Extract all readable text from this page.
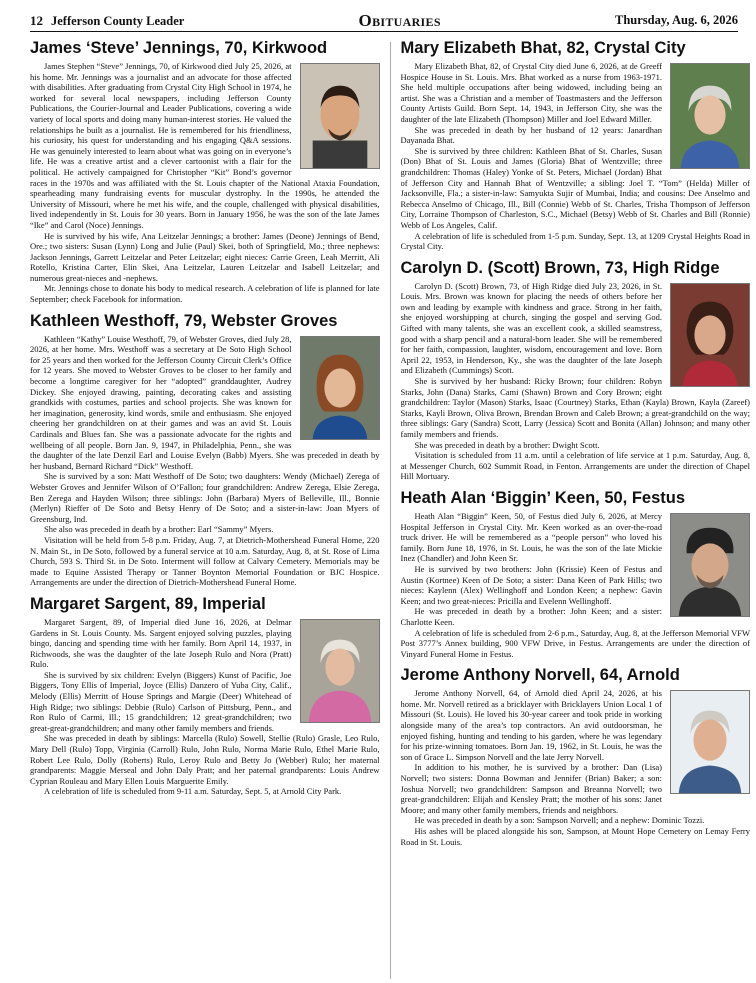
12 Jefferson County Leader	Obituaries	Thursday, Aug. 6, 2026
James ‘Steve’ Jennings, 70, Kirkwood

James Stephen “Steve” Jennings, 70, of Kirkwood died July 25, 2026, at his home. Mr. Jennings was a journalist and an advocate for those affected with disabilities. After graduating from Crystal City High School in 1974, he worked for several local newspapers, including Jefferson County Publications, the Courier-Journal and Leader Publications, covering a wide variety of local sports and doing many human-interest stories. He valued the relationships he built as a journalist. He is remembered for his friendliness, his curiosity, his quest for understanding and his engaging Q&A sessions. He was genuinely interested to learn about what was going on in everyone’s life. He was a creative artist and a clever cartoonist with a flair for the political. He actively campaigned for Christopher “Kit” Bond’s governor races in the 1970s and was affiliated with the St. Louis chapter of the National Ataxia Foundation, spearheading many fundraising events for muscular dystrophy. In the 1990s, he attended the University of Missouri, where he met his wife, and the couple, challenged with physical disabilities, lived independently in St. Louis for 30 years. Born in January 1956, he was the son of the late James “Ike” and Carol (Noce) Jennings.

He is survived by his wife, Ana Leitzelar Jennings; a brother: James (Deone) Jennings of Bend, Ore.; two sisters: Susan (Lynn) Long and Julie (Paul) Skei, both of Springfield, Mo.; three nephews: Jackson Jennings, Garrett Leitzelar and Peter Leitzelar; eight nieces: Carrie Green, Leah Merritt, Ali Rotello, Kristina Carter, Elin Skei, Ana Leitzelar, Lauren Leitzelar and Isabell Leitzelar; and numerous great-nieces and -nephews.

Mr. Jennings chose to donate his body to medical research. A celebration of life is planned for late September; check Facebook for information.

Kathleen Westhoff, 79, Webster Groves

Kathleen “Kathy” Louise Westhoff, 79, of Webster Groves, died July 28, 2026, at her home. Mrs. Westhoff was a secretary at De Soto High School for 25 years and then worked for the Jefferson County Circuit Clerk’s Office for 12 years. She moved to Webster Groves to be closer to her family and become a longtime caregiver for her “adopted” granddaughter, Audrey Dickey. She enjoyed drawing, painting, decorating cakes and assisting grandkids with costumes, parties and school projects. She was known for her imagination, generosity, kind words, smile and enthusiasm. She enjoyed cheering her grandchildren on at their games and was an avid St. Louis Cardinals and Blues fan. She was a passionate advocate for the rights and wellbeing of all people. Born Jan. 9, 1947, in Philadelphia, Penn., she was the daughter of the late Denzil Earl and Louise Evelyn (Babb) Myers. She was preceded in death by her husband, Bernard Richard “Dick” Westhoff.

She is survived by a son: Matt Westhoff of De Soto; two daughters: Wendy (Michael) Zerega of Webster Groves and Jennifer Wilson of O’Fallon; four grandchildren: Andrew Zerega, Elsie Zerega, Ben Zerega and Hayden Wilson; three siblings: John (Barbara) Myers of Belleville, Ill., Bonnie (Merlyn) Rieffer of De Soto and Betsy Henry of De Soto; and a sister-in-law: Joan Myers of Greensburg, Ind.

She also was preceded in death by a brother: Earl “Sammy” Myers.

Visitation will be held from 5-8 p.m. Friday, Aug. 7, at Dietrich-Mothershead Funeral Home, 220 N. Main St., in De Soto, followed by a funeral service at 10 a.m. Saturday, Aug. 8, at St. Rose of Lima Church, 593 S. Third St. in De Soto. Interment will follow at Calvary Cemetery. Memorials may be made to Equine Assisted Therapy or Tanner Boynton Memorial Foundation or BJC Hospice. Arrangements are under the direction of Dietrich-Mothershead Funeral Home.

Margaret Sargent, 89, Imperial

Margaret Sargent, 89, of Imperial died June 16, 2026, at Delmar Gardens in St. Louis County. Ms. Sargent enjoyed solving puzzles, playing bingo, dancing and spending time with her family. Born April 14, 1937, in Richwoods, she was the daughter of the late Joseph Rulo and Nora (Pratt) Rulo.

She is survived by six children: Evelyn (Biggers) Kunst of Pacific, Joe Biggers, Tony Ellis of Imperial, Joyce (Ellis) Danzero of Yuba City, Calif., Melody (Ellis) Merritt of House Springs and Margie (Deer) Whitehead of High Ridge; two siblings: Debbie (Rulo) Carlson of Pittsburg, Penn., and Ron Rulo of Carmi, Ill.; 15 grandchildren; 12 great-grandchildren; two great-great-grandchildren; and many other family members and friends.

She was preceded in death by siblings: Marcella (Rulo) Sowell, Stellie (Rulo) Grasle, Leo Rulo, Mary Dell (Rulo) Topp, Virginia (Carroll) Rulo, John Rulo, Norma Marie Rulo, Ethel Marie Rulo, Robert Lee Rulo, Dolly (Roberts) Rulo, Leroy Rulo and Betty Jo (Webber) Rulo; her maternal grandparents: Maggie Merseal and John Daly Pratt; and her paternal grandparents: Louis Andrew Cyprian Rouleau and Mary Ellen Louis Marguerite Emily.

A celebration of life is scheduled from 9-11 a.m. Saturday, Sept. 5, at Arnold City Park.

Mary Elizabeth Bhat, 82, Crystal City

Mary Elizabeth Bhat, 82, of Crystal City died June 6, 2026, at de Greeff Hospice House in St. Louis. Mrs. Bhat worked as a nurse from 1963-1971. She held multiple occupations after being widowed, including being an artist. She was a Christian and a member of Toastmasters and the Jefferson County Artists Guild. Born Sept. 14, 1943, in Jefferson City, she was the daughter of the late Elizabeth (Thompson) Miller and Joel Edward Miller.

She was preceded in death by her husband of 12 years: Janardhan Dayanada Bhat.

She is survived by three children: Kathleen Bhat of St. Charles, Susan (Don) Bhat of St. Louis and James (Gloria) Bhat of Wentzville; three grandchildren: Thomas (Haley) Yonke of St. Peters, Michael (Jordan) Bhat of Jefferson City and Hannah Bhat of Wentzville; a sibling: Joel T. “Tom” (Helda) Miller of Jacksonville, Fla.; a sister-in-law: Samyukta Sujir of Mumbai, India; and cousins: Dee Anselmo and Rebecca Anselmo of Chicago, Ill., Bill (Connie) Webb of St. Charles, Trisha Thompson of Jefferson City, Lorraine Thompson of Charleston, S.C., Michael (Betsy) Webb of St. Charles and Bill (Ronnie) Webb of Los Angeles, Calif.

A celebration of life is scheduled from 1-5 p.m. Sunday, Sept. 13, at 1209 Crystal Heights Road in Crystal City.

Carolyn D. (Scott) Brown, 73, High Ridge

Carolyn D. (Scott) Brown, 73, of High Ridge died July 23, 2026, in St. Louis. Mrs. Brown was known for placing the needs of others before her own and leading by example with kindness and grace. Strong in her faith, she enjoyed worshipping at church, singing the gospel and serving God. Gifted with many talents, she was an excellent cook, a skilled seamstress, good with a sharp pencil and a natural-born leader. She will be remembered for her faith, compassion, laughter, wisdom, encouragement and love. Born April 22, 1953, in Henderson, Ky., she was the daughter of the late Joseph and Elizabeth (Cummings) Scott.

She is survived by her husband: Ricky Brown; four children: Robyn Starks, John (Dana) Starks, Cami (Shawn) Brown and Cory Brown; eight grandchildren: Taylor (Mason) Starks, Isaac (Courtney) Starks, Ethan (Kayla) Brown, Kayla (Zareef) Starks, Kayli Brown, Oliva Brown, Brendan Brown and Caleb Brown; a great-grandchild on the way; three siblings: Gary (Sandra) Scott, Larry (Jessica) Scott and Bonita (Allan) Johnson; and many other family members and friends.

She was preceded in death by a brother: Dwight Scott.

Visitation is scheduled from 11 a.m. until a celebration of life service at 1 p.m. Saturday, Aug. 8, at Messenger Church, 602 Summit Road, in Fenton. Arrangements are under the direction of Chapel Hill Mortuary.

Heath Alan ‘Biggin’ Keen, 50, Festus

Heath Alan “Biggin” Keen, 50, of Festus died July 6, 2026, at Mercy Hospital Jefferson in Crystal City. Mr. Keen worked as an over-the-road truck driver. He will be remembered as a “people person” who loved his family. Born June 18, 1976, in St. Louis, he was the son of the late Mickie Inez (Chandler) and John Keen Sr.

He is survived by two brothers: John (Krissie) Keen of Festus and Austin (Kortnee) Keen of De Soto; a sister: Dana Keen of Park Hills; two nieces: Kaylenn (Alex) Wellinghoff and London Keen; a nephew: Gavin Keen; and two great-nieces: Pricilla and Evelenn Wellinghoff.

He was preceded in death by a brother: John Keen; and a sister: Charlotte Keen.

A celebration of life is scheduled from 2-6 p.m., Saturday, Aug. 8, at the Jefferson Memorial VFW Post 3777’s Annex building, 900 VFW Drive, in Festus. Arrangements are under the direction of Vinyard Funeral Home in Festus.

Jerome Anthony Norvell, 64, Arnold

Jerome Anthony Norvell, 64, of Arnold died April 24, 2026, at his home. Mr. Norvell retired as a bricklayer with Bricklayers Union Local 1 of Missouri (St. Louis). He loved his 30-year career and took pride in working alongside many of the area’s top contractors. An avid outdoorsman, he enjoyed fishing, hunting and tending to his garden, where he was legendary for his prize-winning tomatoes. Born Jan. 19, 1962, in St. Louis, he was the son of Grace L. Simpson Norvell and the late Jerry Norvell.

In addition to his mother, he is survived by a brother: Dan (Lisa) Norvell; two sisters: Donna Bowman and Jennifer (Brian) Baker; a son: Joshua Norvell; two grandchildren: Sampson and Breanna Norvell; two great-grandchildren: Elijah and Kensley Pratt; the mother of his sons: Janet Moore; and many other family members, friends and neighbors.

He was preceded in death by a son: Sampson Norvell; and a nephew: Dominic Tozzi.

His ashes will be placed alongside his son, Sampson, at Mount Hope Cemetery on Lemay Ferry Road in St. Louis.
